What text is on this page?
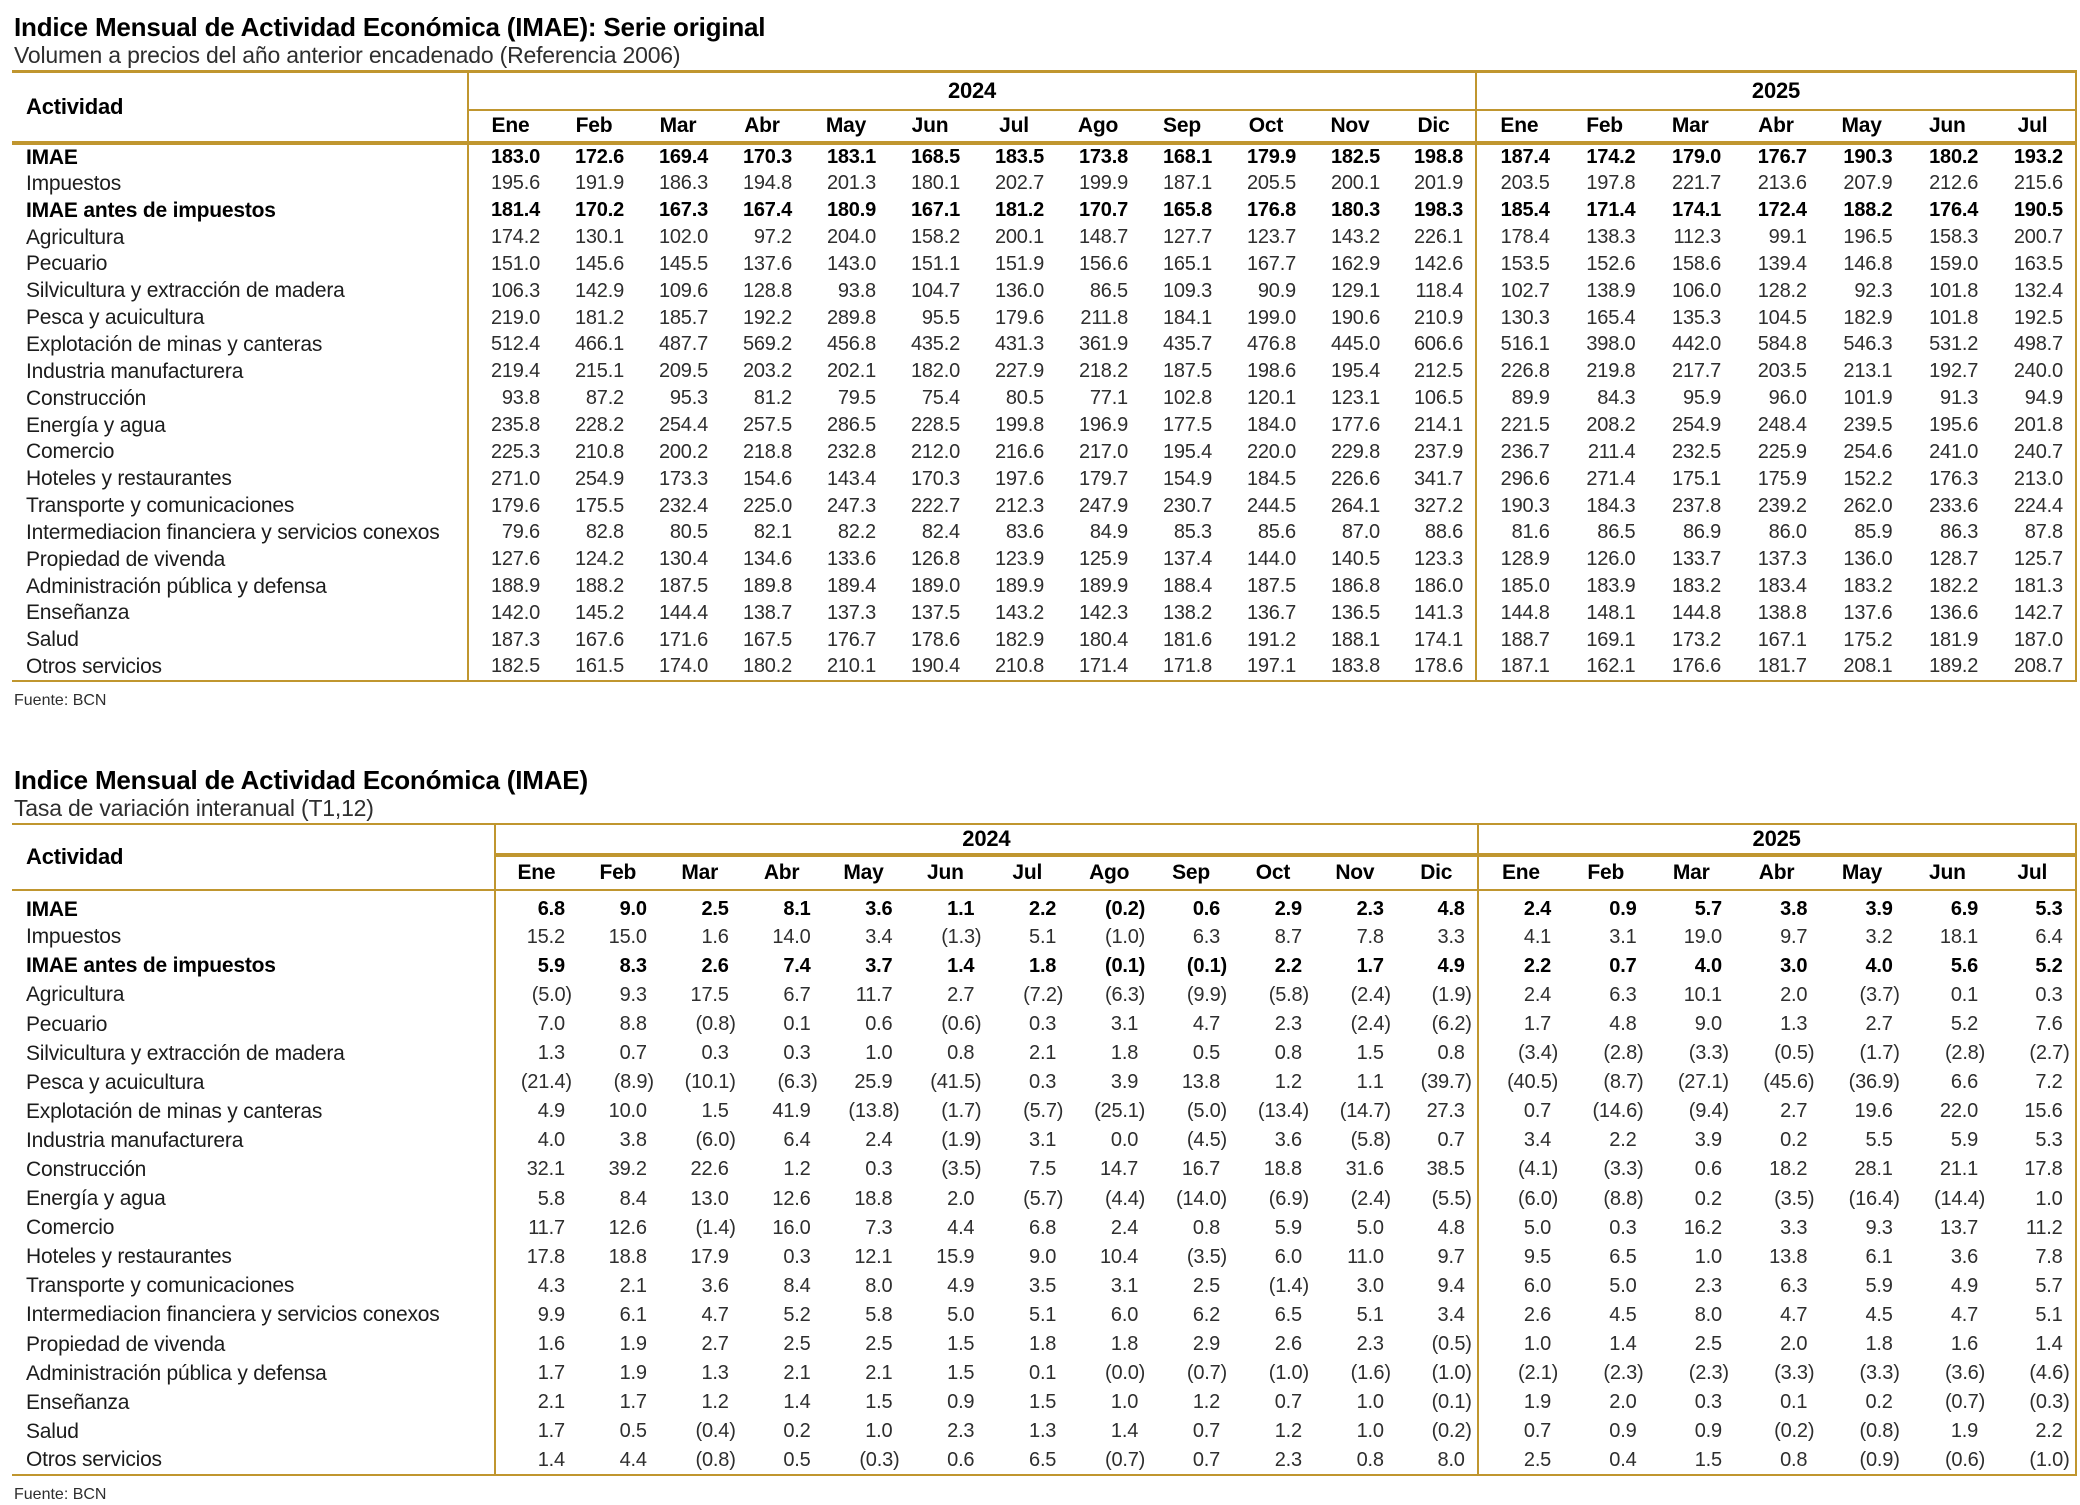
Indice Mensual de Actividad Económica (IMAE): Serie original
Volumen a precios del año anterior encadenado (Referencia 2006)
Actividad	2024												2025						
	Ene	Feb	Mar	Abr	May	Jun	Jul	Ago	Sep	Oct	Nov	Dic	Ene	Feb	Mar	Abr	May	Jun	Jul
IMAE	183.0	172.6	169.4	170.3	183.1	168.5	183.5	173.8	168.1	179.9	182.5	198.8	187.4	174.2	179.0	176.7	190.3	180.2	193.2
Impuestos	195.6	191.9	186.3	194.8	201.3	180.1	202.7	199.9	187.1	205.5	200.1	201.9	203.5	197.8	221.7	213.6	207.9	212.6	215.6
IMAE antes de impuestos	181.4	170.2	167.3	167.4	180.9	167.1	181.2	170.7	165.8	176.8	180.3	198.3	185.4	171.4	174.1	172.4	188.2	176.4	190.5
Agricultura	174.2	130.1	102.0	97.2	204.0	158.2	200.1	148.7	127.7	123.7	143.2	226.1	178.4	138.3	112.3	99.1	196.5	158.3	200.7
Pecuario	151.0	145.6	145.5	137.6	143.0	151.1	151.9	156.6	165.1	167.7	162.9	142.6	153.5	152.6	158.6	139.4	146.8	159.0	163.5
Silvicultura y extracción de madera	106.3	142.9	109.6	128.8	93.8	104.7	136.0	86.5	109.3	90.9	129.1	118.4	102.7	138.9	106.0	128.2	92.3	101.8	132.4
Pesca y acuicultura	219.0	181.2	185.7	192.2	289.8	95.5	179.6	211.8	184.1	199.0	190.6	210.9	130.3	165.4	135.3	104.5	182.9	101.8	192.5
Explotación de minas y canteras	512.4	466.1	487.7	569.2	456.8	435.2	431.3	361.9	435.7	476.8	445.0	606.6	516.1	398.0	442.0	584.8	546.3	531.2	498.7
Industria manufacturera	219.4	215.1	209.5	203.2	202.1	182.0	227.9	218.2	187.5	198.6	195.4	212.5	226.8	219.8	217.7	203.5	213.1	192.7	240.0
Construcción	93.8	87.2	95.3	81.2	79.5	75.4	80.5	77.1	102.8	120.1	123.1	106.5	89.9	84.3	95.9	96.0	101.9	91.3	94.9
Energía y agua	235.8	228.2	254.4	257.5	286.5	228.5	199.8	196.9	177.5	184.0	177.6	214.1	221.5	208.2	254.9	248.4	239.5	195.6	201.8
Comercio	225.3	210.8	200.2	218.8	232.8	212.0	216.6	217.0	195.4	220.0	229.8	237.9	236.7	211.4	232.5	225.9	254.6	241.0	240.7
Hoteles y restaurantes	271.0	254.9	173.3	154.6	143.4	170.3	197.6	179.7	154.9	184.5	226.6	341.7	296.6	271.4	175.1	175.9	152.2	176.3	213.0
Transporte y comunicaciones	179.6	175.5	232.4	225.0	247.3	222.7	212.3	247.9	230.7	244.5	264.1	327.2	190.3	184.3	237.8	239.2	262.0	233.6	224.4
Intermediacion financiera y servicios conexos	79.6	82.8	80.5	82.1	82.2	82.4	83.6	84.9	85.3	85.6	87.0	88.6	81.6	86.5	86.9	86.0	85.9	86.3	87.8
Propiedad de vivenda	127.6	124.2	130.4	134.6	133.6	126.8	123.9	125.9	137.4	144.0	140.5	123.3	128.9	126.0	133.7	137.3	136.0	128.7	125.7
Administración pública y defensa	188.9	188.2	187.5	189.8	189.4	189.0	189.9	189.9	188.4	187.5	186.8	186.0	185.0	183.9	183.2	183.4	183.2	182.2	181.3
Enseñanza	142.0	145.2	144.4	138.7	137.3	137.5	143.2	142.3	138.2	136.7	136.5	141.3	144.8	148.1	144.8	138.8	137.6	136.6	142.7
Salud	187.3	167.6	171.6	167.5	176.7	178.6	182.9	180.4	181.6	191.2	188.1	174.1	188.7	169.1	173.2	167.1	175.2	181.9	187.0
Otros servicios	182.5	161.5	174.0	180.2	210.1	190.4	210.8	171.4	171.8	197.1	183.8	178.6	187.1	162.1	176.6	181.7	208.1	189.2	208.7
Fuente: BCN
Indice Mensual de Actividad Económica (IMAE)
Tasa de variación interanual (T1,12)
Actividad	2024												2025						
	Ene	Feb	Mar	Abr	May	Jun	Jul	Ago	Sep	Oct	Nov	Dic	Ene	Feb	Mar	Abr	May	Jun	Jul
IMAE	6.8	9.0	2.5	8.1	3.6	1.1	2.2	(0.2)	0.6	2.9	2.3	4.8	2.4	0.9	5.7	3.8	3.9	6.9	5.3
Impuestos	15.2	15.0	1.6	14.0	3.4	(1.3)	5.1	(1.0)	6.3	8.7	7.8	3.3	4.1	3.1	19.0	9.7	3.2	18.1	6.4
IMAE antes de impuestos	5.9	8.3	2.6	7.4	3.7	1.4	1.8	(0.1)	(0.1)	2.2	1.7	4.9	2.2	0.7	4.0	3.0	4.0	5.6	5.2
Agricultura	(5.0)	9.3	17.5	6.7	11.7	2.7	(7.2)	(6.3)	(9.9)	(5.8)	(2.4)	(1.9)	2.4	6.3	10.1	2.0	(3.7)	0.1	0.3
Pecuario	7.0	8.8	(0.8)	0.1	0.6	(0.6)	0.3	3.1	4.7	2.3	(2.4)	(6.2)	1.7	4.8	9.0	1.3	2.7	5.2	7.6
Silvicultura y extracción de madera	1.3	0.7	0.3	0.3	1.0	0.8	2.1	1.8	0.5	0.8	1.5	0.8	(3.4)	(2.8)	(3.3)	(0.5)	(1.7)	(2.8)	(2.7)
Pesca y acuicultura	(21.4)	(8.9)	(10.1)	(6.3)	25.9	(41.5)	0.3	3.9	13.8	1.2	1.1	(39.7)	(40.5)	(8.7)	(27.1)	(45.6)	(36.9)	6.6	7.2
Explotación de minas y canteras	4.9	10.0	1.5	41.9	(13.8)	(1.7)	(5.7)	(25.1)	(5.0)	(13.4)	(14.7)	27.3	0.7	(14.6)	(9.4)	2.7	19.6	22.0	15.6
Industria manufacturera	4.0	3.8	(6.0)	6.4	2.4	(1.9)	3.1	0.0	(4.5)	3.6	(5.8)	0.7	3.4	2.2	3.9	0.2	5.5	5.9	5.3
Construcción	32.1	39.2	22.6	1.2	0.3	(3.5)	7.5	14.7	16.7	18.8	31.6	38.5	(4.1)	(3.3)	0.6	18.2	28.1	21.1	17.8
Energía y agua	5.8	8.4	13.0	12.6	18.8	2.0	(5.7)	(4.4)	(14.0)	(6.9)	(2.4)	(5.5)	(6.0)	(8.8)	0.2	(3.5)	(16.4)	(14.4)	1.0
Comercio	11.7	12.6	(1.4)	16.0	7.3	4.4	6.8	2.4	0.8	5.9	5.0	4.8	5.0	0.3	16.2	3.3	9.3	13.7	11.2
Hoteles y restaurantes	17.8	18.8	17.9	0.3	12.1	15.9	9.0	10.4	(3.5)	6.0	11.0	9.7	9.5	6.5	1.0	13.8	6.1	3.6	7.8
Transporte y comunicaciones	4.3	2.1	3.6	8.4	8.0	4.9	3.5	3.1	2.5	(1.4)	3.0	9.4	6.0	5.0	2.3	6.3	5.9	4.9	5.7
Intermediacion financiera y servicios conexos	9.9	6.1	4.7	5.2	5.8	5.0	5.1	6.0	6.2	6.5	5.1	3.4	2.6	4.5	8.0	4.7	4.5	4.7	5.1
Propiedad de vivenda	1.6	1.9	2.7	2.5	2.5	1.5	1.8	1.8	2.9	2.6	2.3	(0.5)	1.0	1.4	2.5	2.0	1.8	1.6	1.4
Administración pública y defensa	1.7	1.9	1.3	2.1	2.1	1.5	0.1	(0.0)	(0.7)	(1.0)	(1.6)	(1.0)	(2.1)	(2.3)	(2.3)	(3.3)	(3.3)	(3.6)	(4.6)
Enseñanza	2.1	1.7	1.2	1.4	1.5	0.9	1.5	1.0	1.2	0.7	1.0	(0.1)	1.9	2.0	0.3	0.1	0.2	(0.7)	(0.3)
Salud	1.7	0.5	(0.4)	0.2	1.0	2.3	1.3	1.4	0.7	1.2	1.0	(0.2)	0.7	0.9	0.9	(0.2)	(0.8)	1.9	2.2
Otros servicios	1.4	4.4	(0.8)	0.5	(0.3)	0.6	6.5	(0.7)	0.7	2.3	0.8	8.0	2.5	0.4	1.5	0.8	(0.9)	(0.6)	(1.0)
Fuente: BCN
